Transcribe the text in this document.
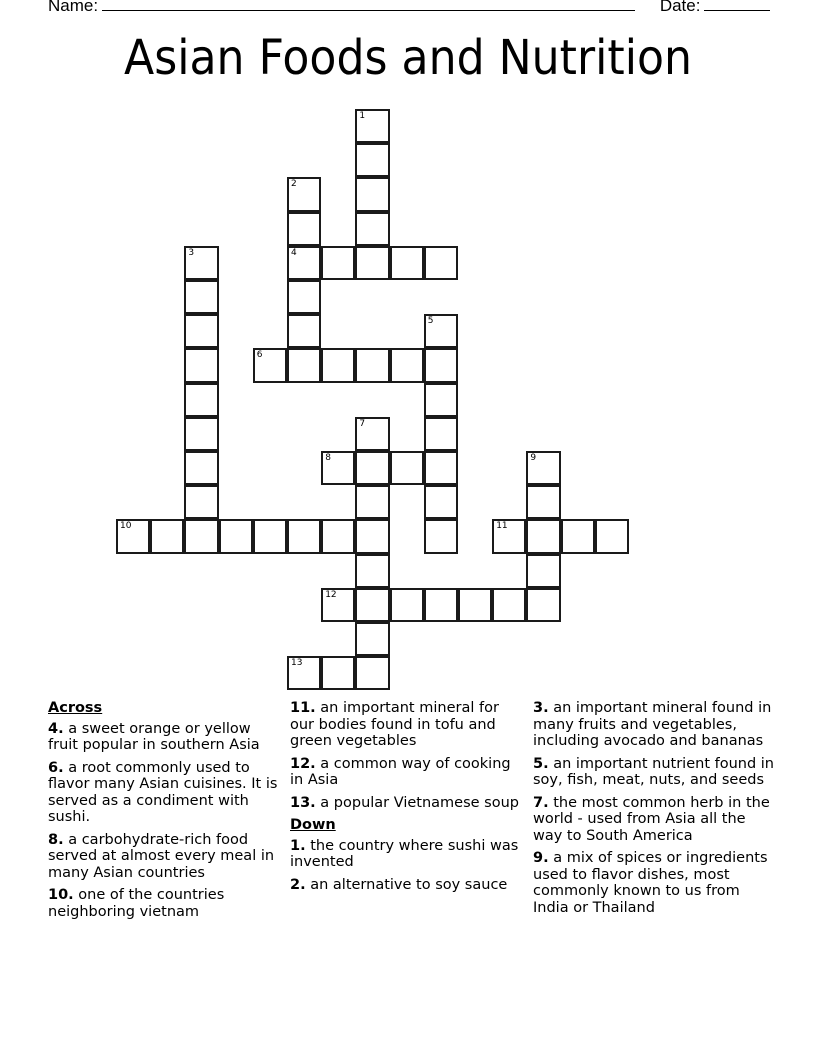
Name:	Date:
Asian Foods and Nutrition
1
2
4
3
5
6
7
8	9
10	11
12
13
Across
4. a sweet orange or yellow fruit popular in southern Asia
6. a root commonly used to flavor many Asian cuisines. It is served as a condiment with sushi.
8. a carbohydrate-rich food served at almost every meal in many Asian countries
10. one of the countries neighboring vietnam
11. an important mineral for our bodies found in tofu and green vegetables
12. a common way of cooking in Asia
13. a popular Vietnamese soup
Down
1. the country where sushi was invented
2. an alternative to soy sauce
3. an important mineral found in many fruits and vegetables, including avocado and bananas
5. an important nutrient found in soy, fish, meat, nuts, and seeds
7. the most common herb in the world - used from Asia all the way to South America
9. a mix of spices or ingredients used to flavor dishes, most commonly known to us from India or Thailand
